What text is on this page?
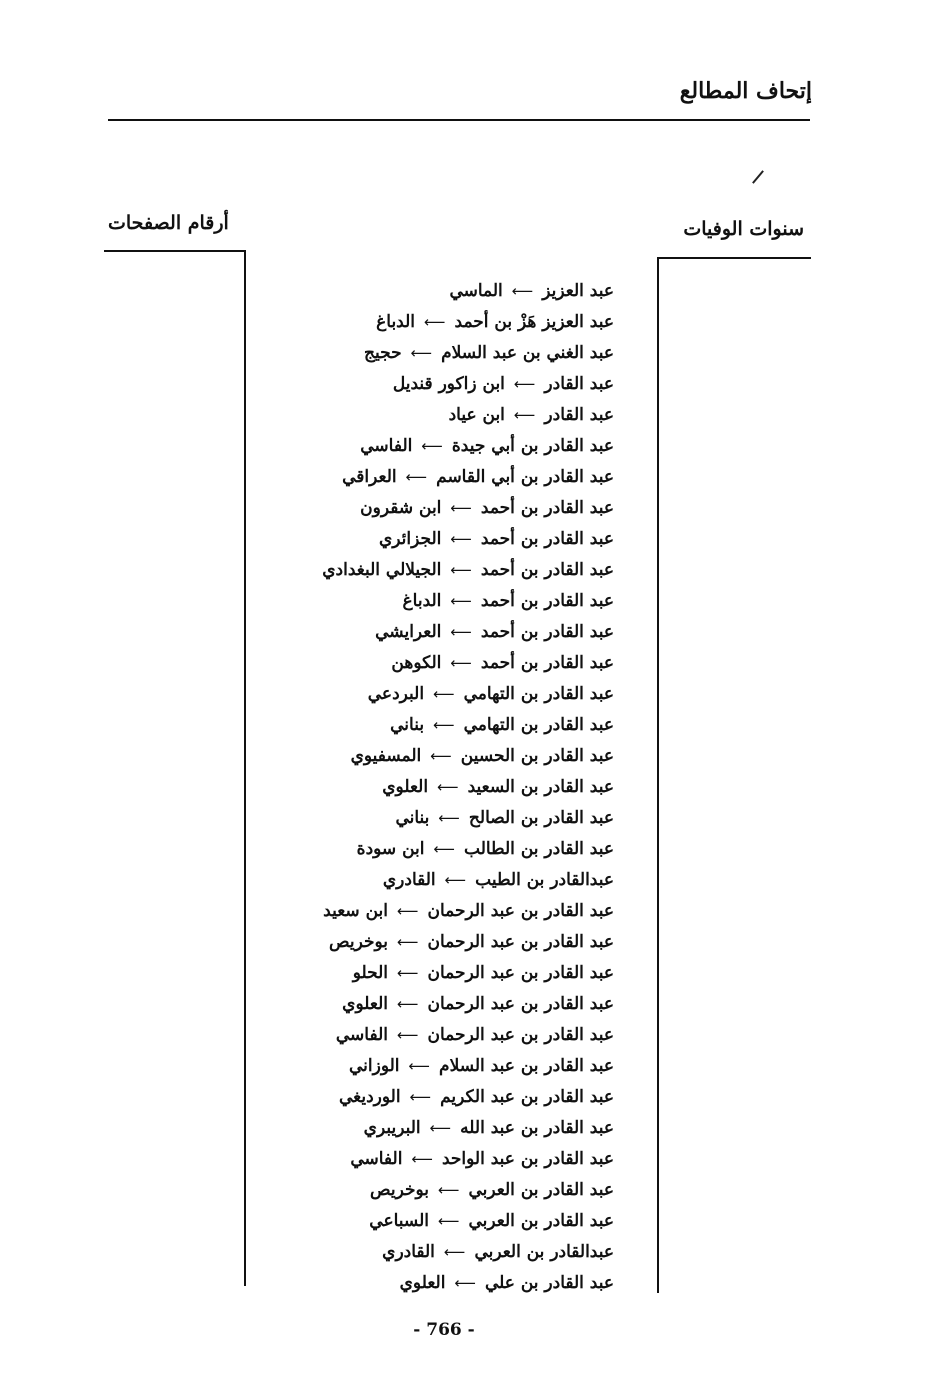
إتحاف المطالع
سنوات الوفيات
أرقام الصفحات
عبد العزيز⟵الماسي
عبد العزيز هَزْ بن أحمد⟵الدباغ
عبد الغني بن عبد السلام⟵حجيج
عبد القادر⟵ابن زاكور قنديل
عبد القادر⟵ابن عياد
عبد القادر بن أبي جيدة⟵الفاسي
عبد القادر بن أبي القاسم⟵العراقي
عبد القادر بن أحمد⟵ابن شقرون
عبد القادر بن أحمد⟵الجزائري
عبد القادر بن أحمد⟵الجيلالي البغدادي
عبد القادر بن أحمد⟵الدباغ
عبد القادر بن أحمد⟵العرايشي
عبد القادر بن أحمد⟵الكوهن
عبد القادر بن التهامي⟵البردعي
عبد القادر بن التهامي⟵بناني
عبد القادر بن الحسين⟵المسفيوي
عبد القادر بن السعيد⟵العلوي
عبد القادر بن الصالح⟵بناني
عبد القادر بن الطالب⟵ابن سودة
عبدالقادر بن الطيب⟵القادري
عبد القادر بن عبد الرحمان⟵ابن سعيد
عبد القادر بن عبد الرحمان⟵بوخريص
عبد القادر بن عبد الرحمان⟵الحلو
عبد القادر بن عبد الرحمان⟵العلوي
عبد القادر بن عبد الرحمان⟵الفاسي
عبد القادر بن عبد السلام⟵الوزاني
عبد القادر بن عبد الكريم⟵الورديغي
عبد القادر بن عبد الله⟵البريبري
عبد القادر بن عبد الواحد⟵الفاسي
عبد القادر بن العربي⟵بوخريص
عبد القادر بن العربي⟵السباعي
عبدالقادر بن العربي⟵القادري
عبد القادر بن علي⟵العلوي
- 766 -
